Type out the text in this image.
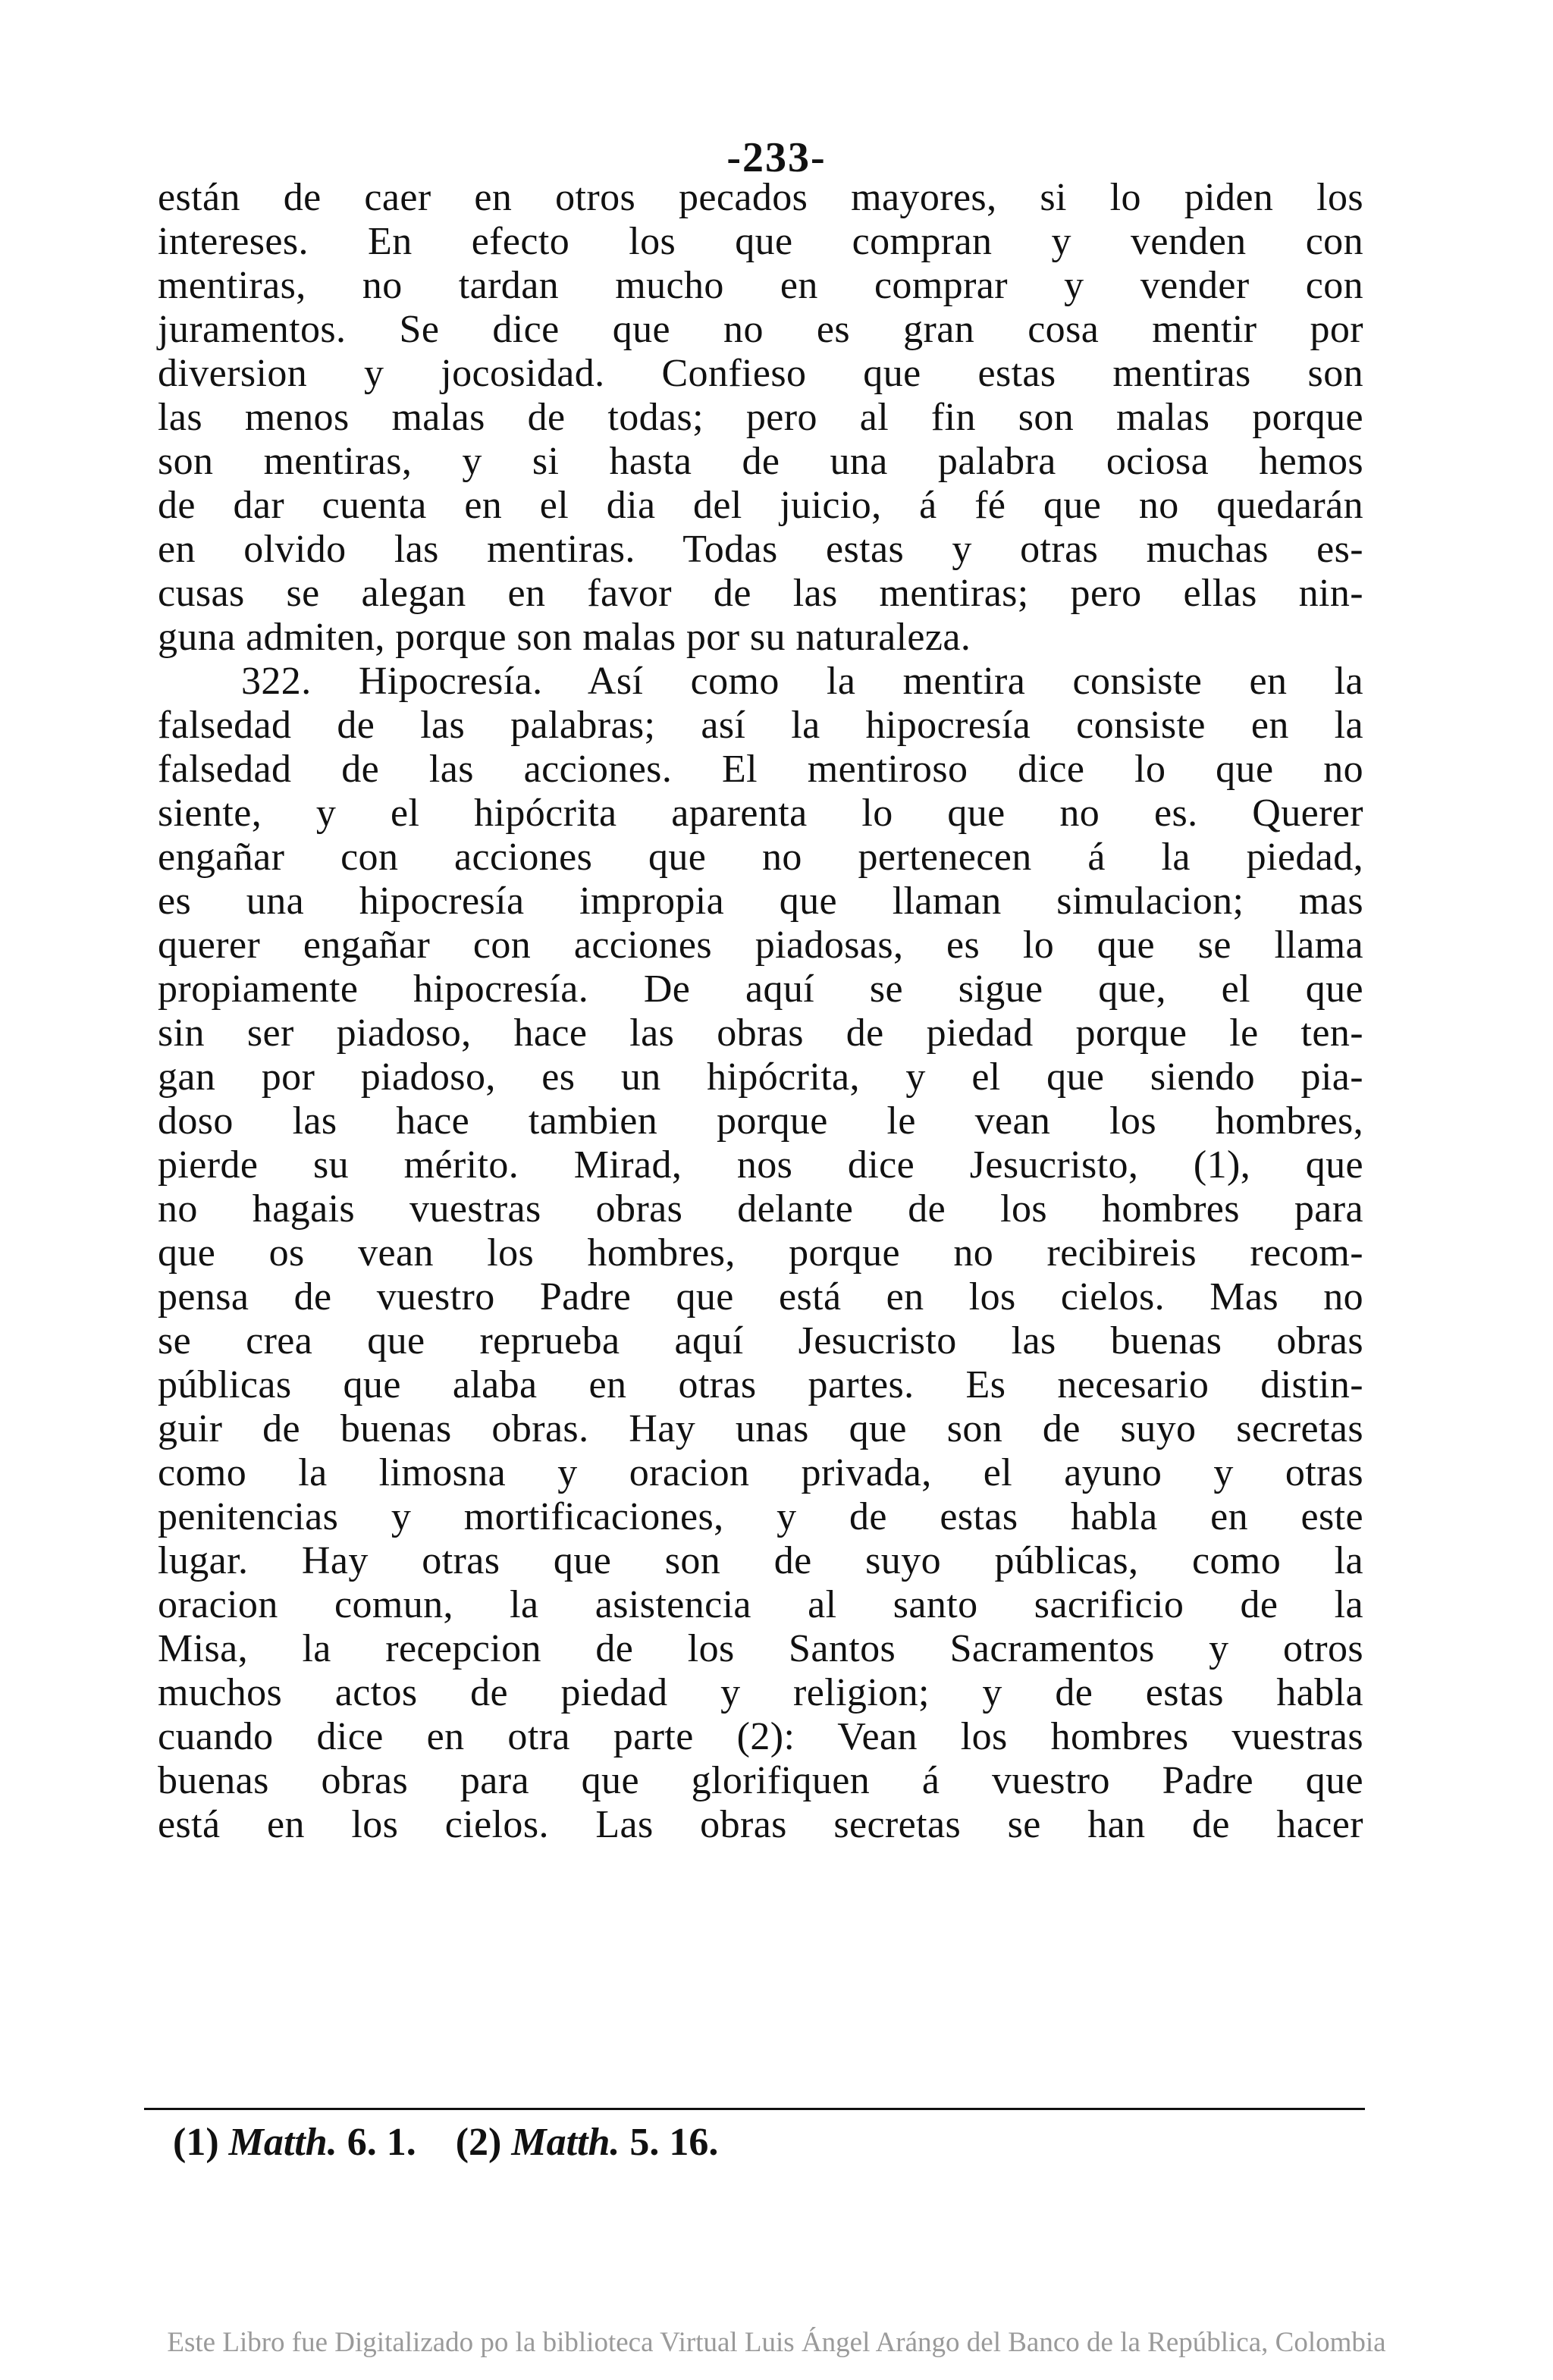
-233-
están de caer en otros pecados mayores, si lo piden los
intereses. En efecto los que compran y venden con
mentiras, no tardan mucho en comprar y vender con
juramentos. Se dice que no es gran cosa mentir por
diversion y jocosidad. Confieso que estas mentiras son
las menos malas de todas; pero al fin son malas porque
son mentiras, y si hasta de una palabra ociosa hemos
de dar cuenta en el dia del juicio, á fé que no quedarán
en olvido las mentiras. Todas estas y otras muchas es-
cusas se alegan en favor de las mentiras; pero ellas nin-
guna admiten, porque son malas por su naturaleza.
322. Hipocresía. Así como la mentira consiste en la
falsedad de las palabras; así la hipocresía consiste en la
falsedad de las acciones. El mentiroso dice lo que no
siente, y el hipócrita aparenta lo que no es. Querer
engañar con acciones que no pertenecen á la piedad,
es una hipocresía impropia que llaman simulacion; mas
querer engañar con acciones piadosas, es lo que se llama
propiamente hipocresía. De aquí se sigue que, el que
sin ser piadoso, hace las obras de piedad porque le ten-
gan por piadoso, es un hipócrita, y el que siendo pia-
doso las hace tambien porque le vean los hombres,
pierde su mérito. Mirad, nos dice Jesucristo, (1), que
no hagais vuestras obras delante de los hombres para
que os vean los hombres, porque no recibireis recom-
pensa de vuestro Padre que está en los cielos. Mas no
se crea que reprueba aquí Jesucristo las buenas obras
públicas que alaba en otras partes. Es necesario distin-
guir de buenas obras. Hay unas que son de suyo secretas
como la limosna y oracion privada, el ayuno y otras
penitencias y mortificaciones, y de estas habla en este
lugar. Hay otras que son de suyo públicas, como la
oracion comun, la asistencia al santo sacrificio de la
Misa, la recepcion de los Santos Sacramentos y otros
muchos actos de piedad y religion; y de estas habla
cuando dice en otra parte (2): Vean los hombres vuestras
buenas obras para que glorifiquen á vuestro Padre que
está en los cielos. Las obras secretas se han de hacer
(1) Matth. 6. 1. (2) Matth. 5. 16.
Este Libro fue Digitalizado po la biblioteca Virtual Luis Ángel Arángo del Banco de la República, Colombia
